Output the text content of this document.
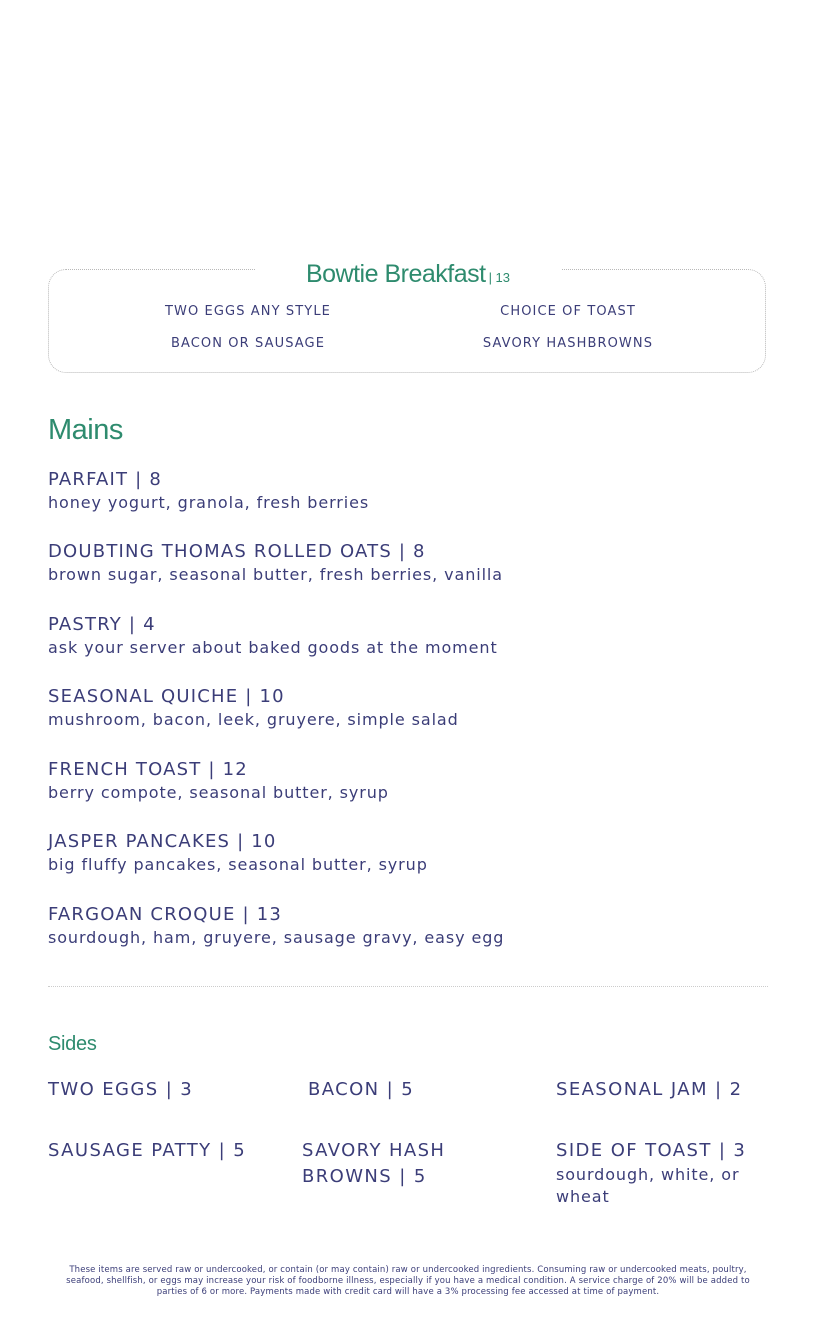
Bowtie Breakfast | 13
TWO EGGS ANY STYLE	CHOICE OF TOAST
BACON OR SAUSAGE	SAVORY HASHBROWNS
Mains
PARFAIT | 8
honey yogurt, granola, fresh berries
DOUBTING THOMAS ROLLED OATS | 8
brown sugar, seasonal butter, fresh berries, vanilla
PASTRY | 4
ask your server about baked goods at the moment
SEASONAL QUICHE | 10
mushroom, bacon, leek, gruyere, simple salad
FRENCH TOAST | 12
berry compote, seasonal butter, syrup
JASPER PANCAKES | 10
big fluffy pancakes, seasonal butter, syrup
FARGOAN CROQUE | 13
sourdough, ham, gruyere, sausage gravy, easy egg
Sides
TWO EGGS | 3	BACON | 5	SEASONAL JAM | 2
SAUSAGE PATTY | 5	SAVORY HASH BROWNS | 5
SIDE OF TOAST | 3
sourdough, white, or wheat
These items are served raw or undercooked, or contain (or may contain) raw or undercooked ingredients. Consuming raw or undercooked meats, poultry, seafood, shellfish, or eggs may increase your risk of foodborne illness, especially if you have a medical condition. A service charge of 20% will be added to parties of 6 or more. Payments made with credit card will have a 3% processing fee accessed at time of payment.
